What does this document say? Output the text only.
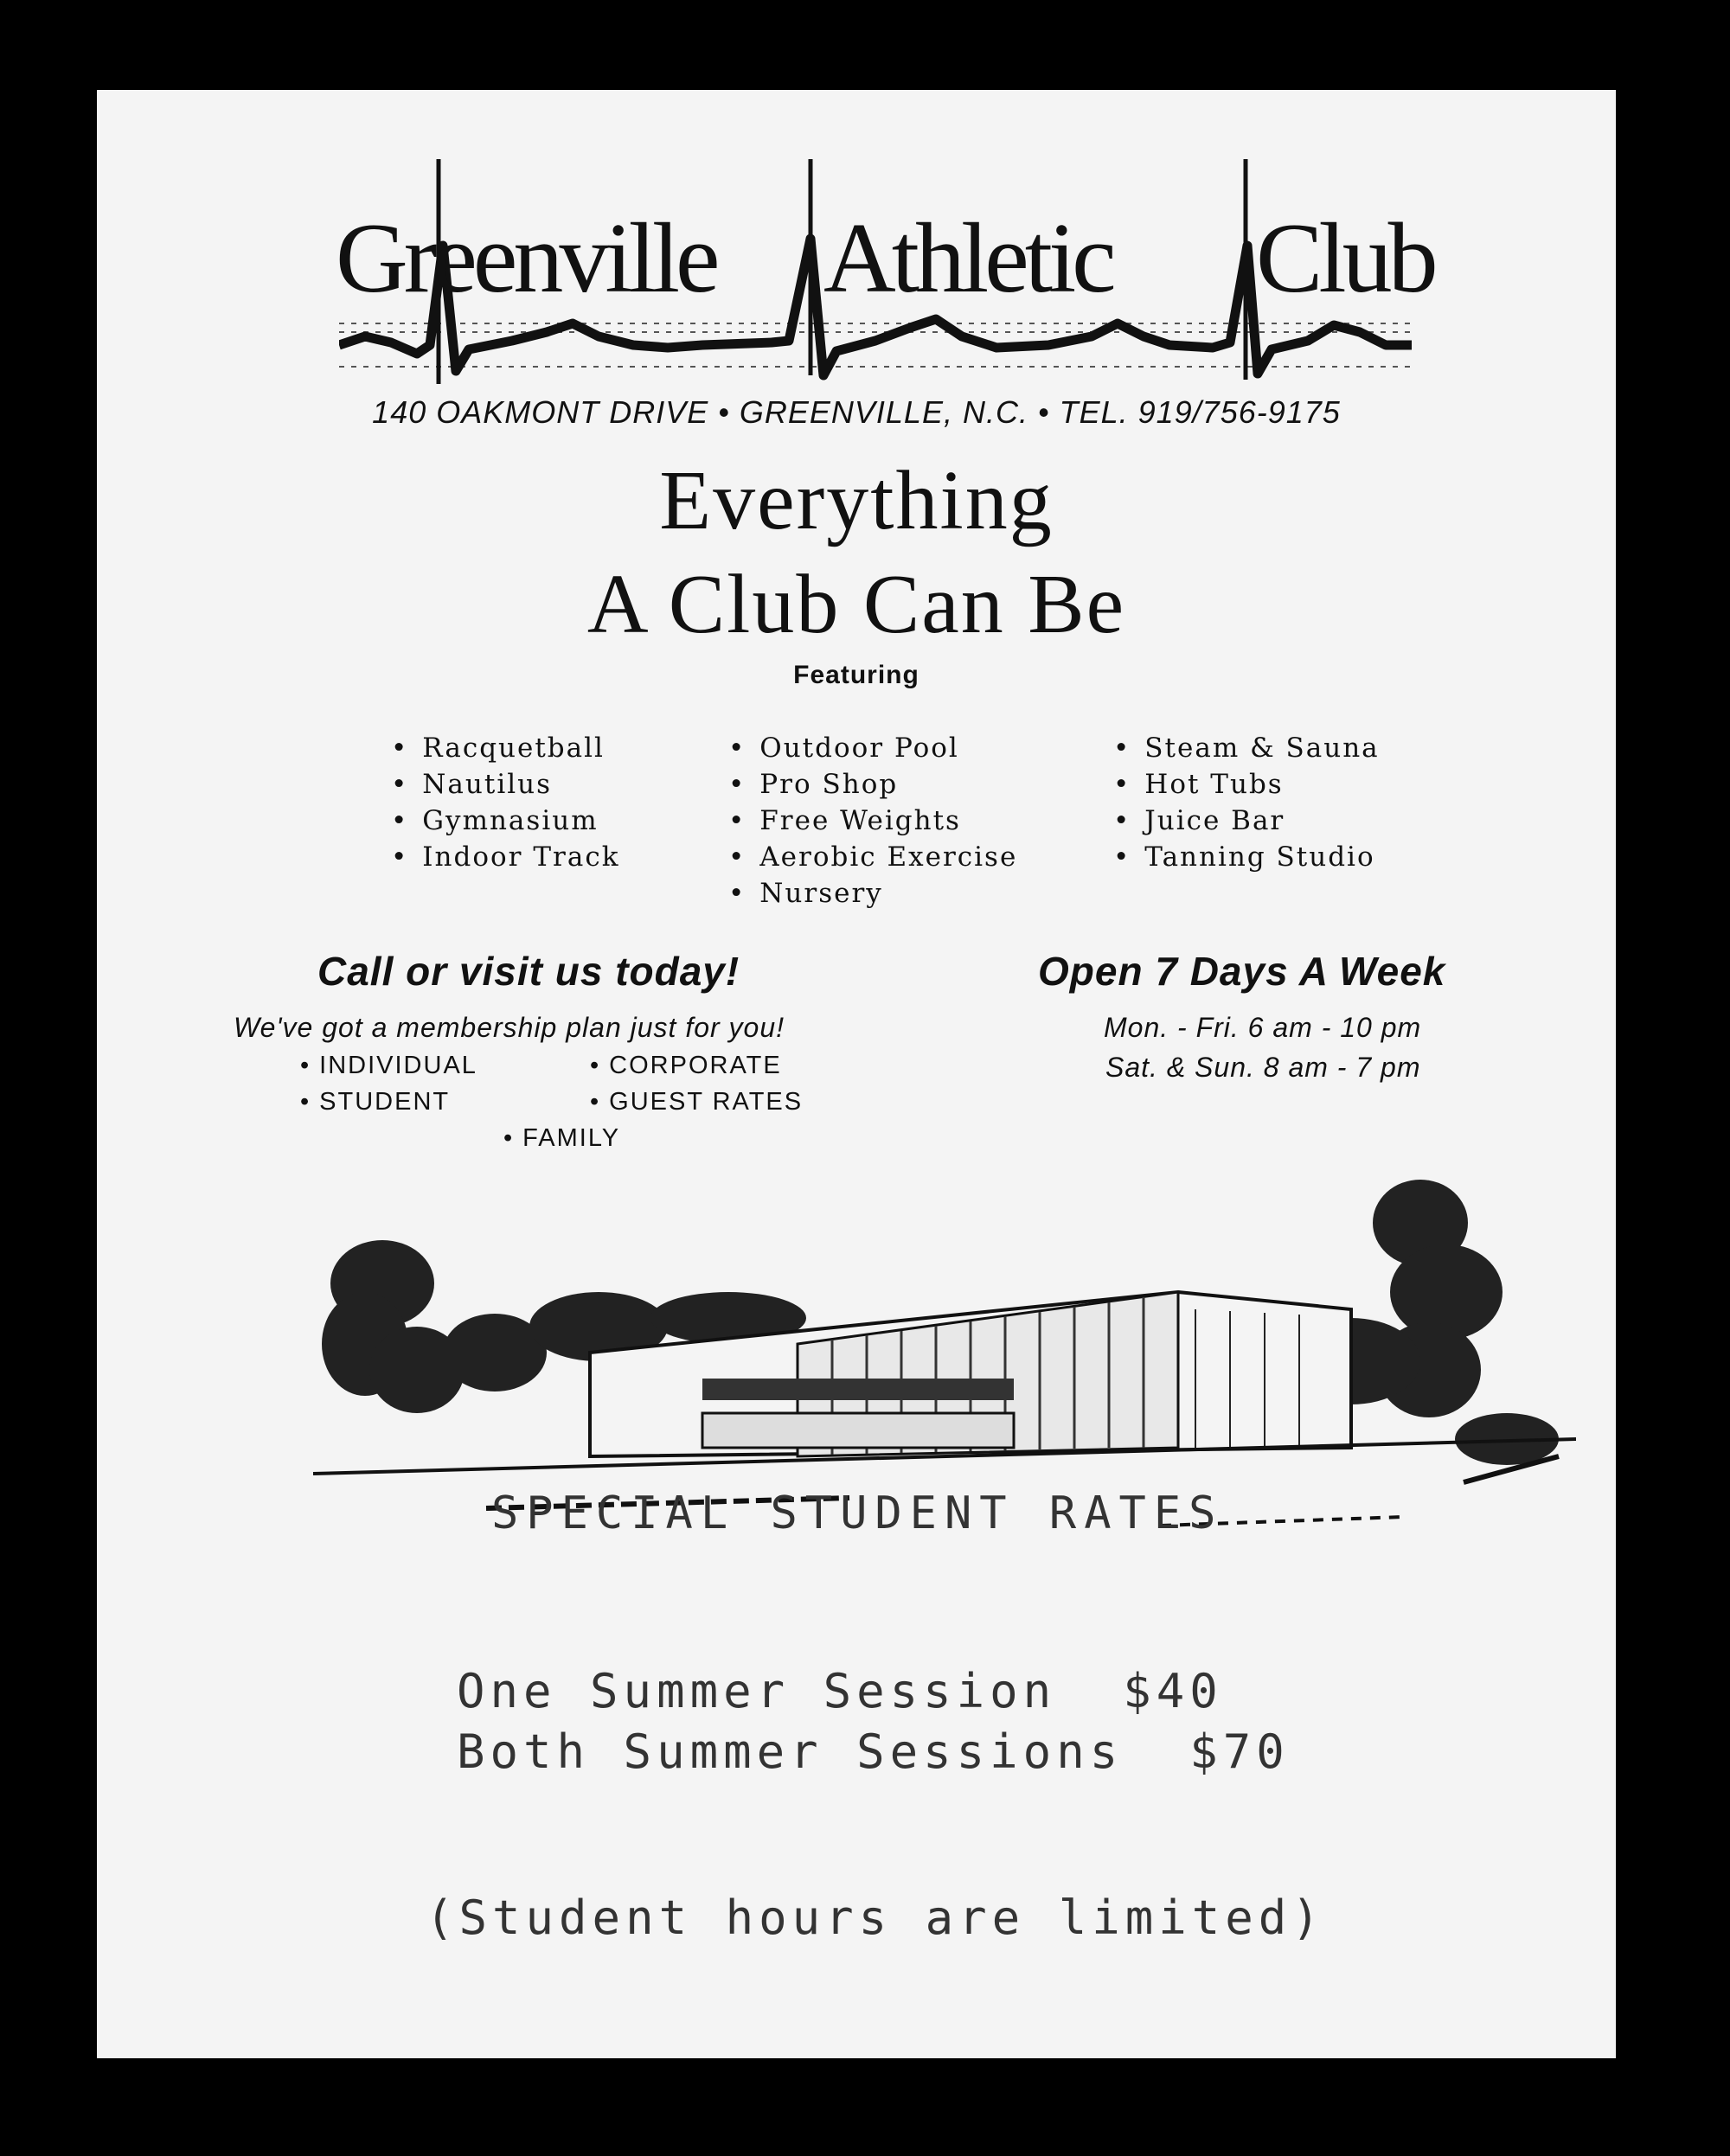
Greenville Athletic Club
140 OAKMONT DRIVE • GREENVILLE, N.C. • TEL. 919/756-9175
Everything
A Club Can Be
Featuring
• Racquetball
• Nautilus
• Gymnasium
• Indoor Track
• Outdoor Pool
• Pro Shop
• Free Weights
• Aerobic Exercise
• Nursery
• Steam & Sauna
• Hot Tubs
• Juice Bar
• Tanning Studio
Call or visit us today!
We've got a membership plan just for you!
• INDIVIDUAL	• CORPORATE
• STUDENT	• GUEST RATES
• FAMILY
Open 7 Days A Week
Mon. - Fri. 6 am - 10 pm
Sat. & Sun. 8 am - 7 pm
SPECIAL STUDENT RATES
One Summer Session  $40
Both Summer Sessions  $70
(Student hours are limited)
